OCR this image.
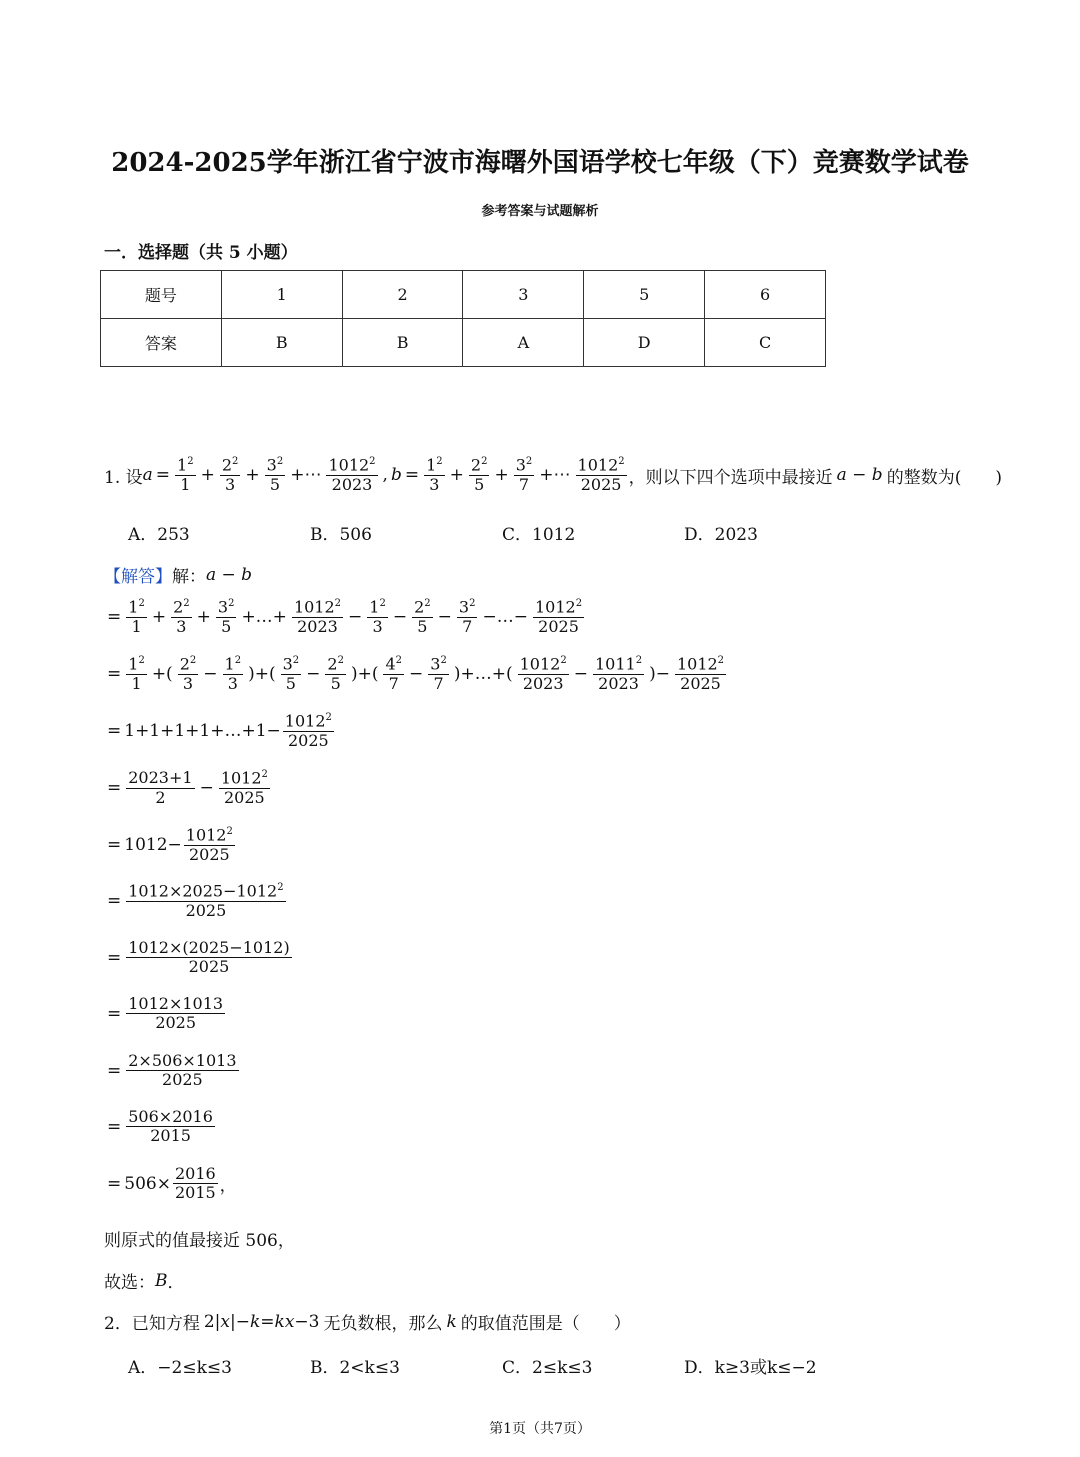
2024-2025学年浙江省宁波市海曙外国语学校七年级（下）竞赛数学试卷
参考答案与试题解析
一．选择题（共 5 小题）
题号	1	2	3	5	6
答案	B	B	A	D	C
1. 设 $a = \frac{1^2}{1} + \frac{2^2}{3} + \frac{3^2}{5}$ +⋯ $\frac{1012^2}{2023}$ , $b = \frac{1^2}{3} + \frac{2^2}{5} + \frac{3^2}{7}$ +⋯ $\frac{1012^2}{2025}$ ，则以下四个选项中最接近 a − b 的整数为(　　)
A．253	B．506	C．1012	D．2023
【解答】 解： a − b
= $\frac{1^2}{1} + \frac{2^2}{3} + \frac{3^2}{5}$ +…+ $\frac{1012^2}{2023} - \frac{1^2}{3} - \frac{2^2}{5} - \frac{3^2}{7}$ −…− $\frac{1012^2}{2025}$
= $\frac{1^2}{1}$ +( $\frac{2^2}{3} - \frac{1^2}{3}$ )+( $\frac{3^2}{5} - \frac{2^2}{5}$ )+( $\frac{4^2}{7} - \frac{3^2}{7}$ )+…+( $\frac{1012^2}{2023} - \frac{1011^2}{2023}$ )− $\frac{1012^2}{2025}$
= 1+1+1+1+…+1− $\frac{1012^2}{2025}$
= $\frac{2023+1}{2} - \frac{1012^2}{2025}$
= $1012- \frac{1012^2}{2025}$
= $\frac{1012\times 2025-1012^2}{2025}$
= $\frac{1012\times(2025-1012)}{2025}$
= $\frac{1012\times 1013}{2025}$
= $\frac{2\times 506\times 1013}{2025}$
= $\frac{506\times 2016}{2015}$
= $506\times \frac{2016}{2015}$ ，
则原式的值最接近 506，
故选： B ．
2．已知方程 2|x|−k=kx−3 无负数根，那么 k 的取值范围是（　　）
A．−2≤k≤3	B．2<k≤3	C．2≤k≤3	D．k≥3或k≤−2
第1页（共7页）
